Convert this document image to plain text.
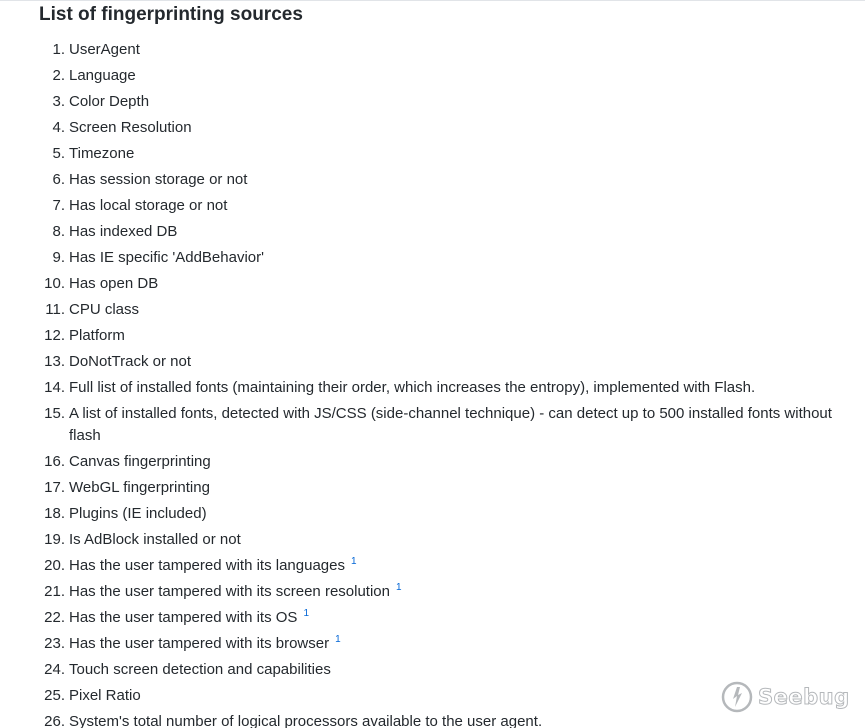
List of fingerprinting sources
1. UserAgent
2. Language
3. Color Depth
4. Screen Resolution
5. Timezone
6. Has session storage or not
7. Has local storage or not
8. Has indexed DB
9. Has IE specific 'AddBehavior'
10. Has open DB
11. CPU class
12. Platform
13. DoNotTrack or not
14. Full list of installed fonts (maintaining their order, which increases the entropy), implemented with Flash.
15. A list of installed fonts, detected with JS/CSS (side-channel technique) - can detect up to 500 installed fonts without flash
16. Canvas fingerprinting
17. WebGL fingerprinting
18. Plugins (IE included)
19. Is AdBlock installed or not
20. Has the user tampered with its languages $^1$
21. Has the user tampered with its screen resolution $^1$
22. Has the user tampered with its OS $^1$
23. Has the user tampered with its browser $^1$
24. Touch screen detection and capabilities
25. Pixel Ratio
26. System's total number of logical processors available to the user agent.
Seebug
